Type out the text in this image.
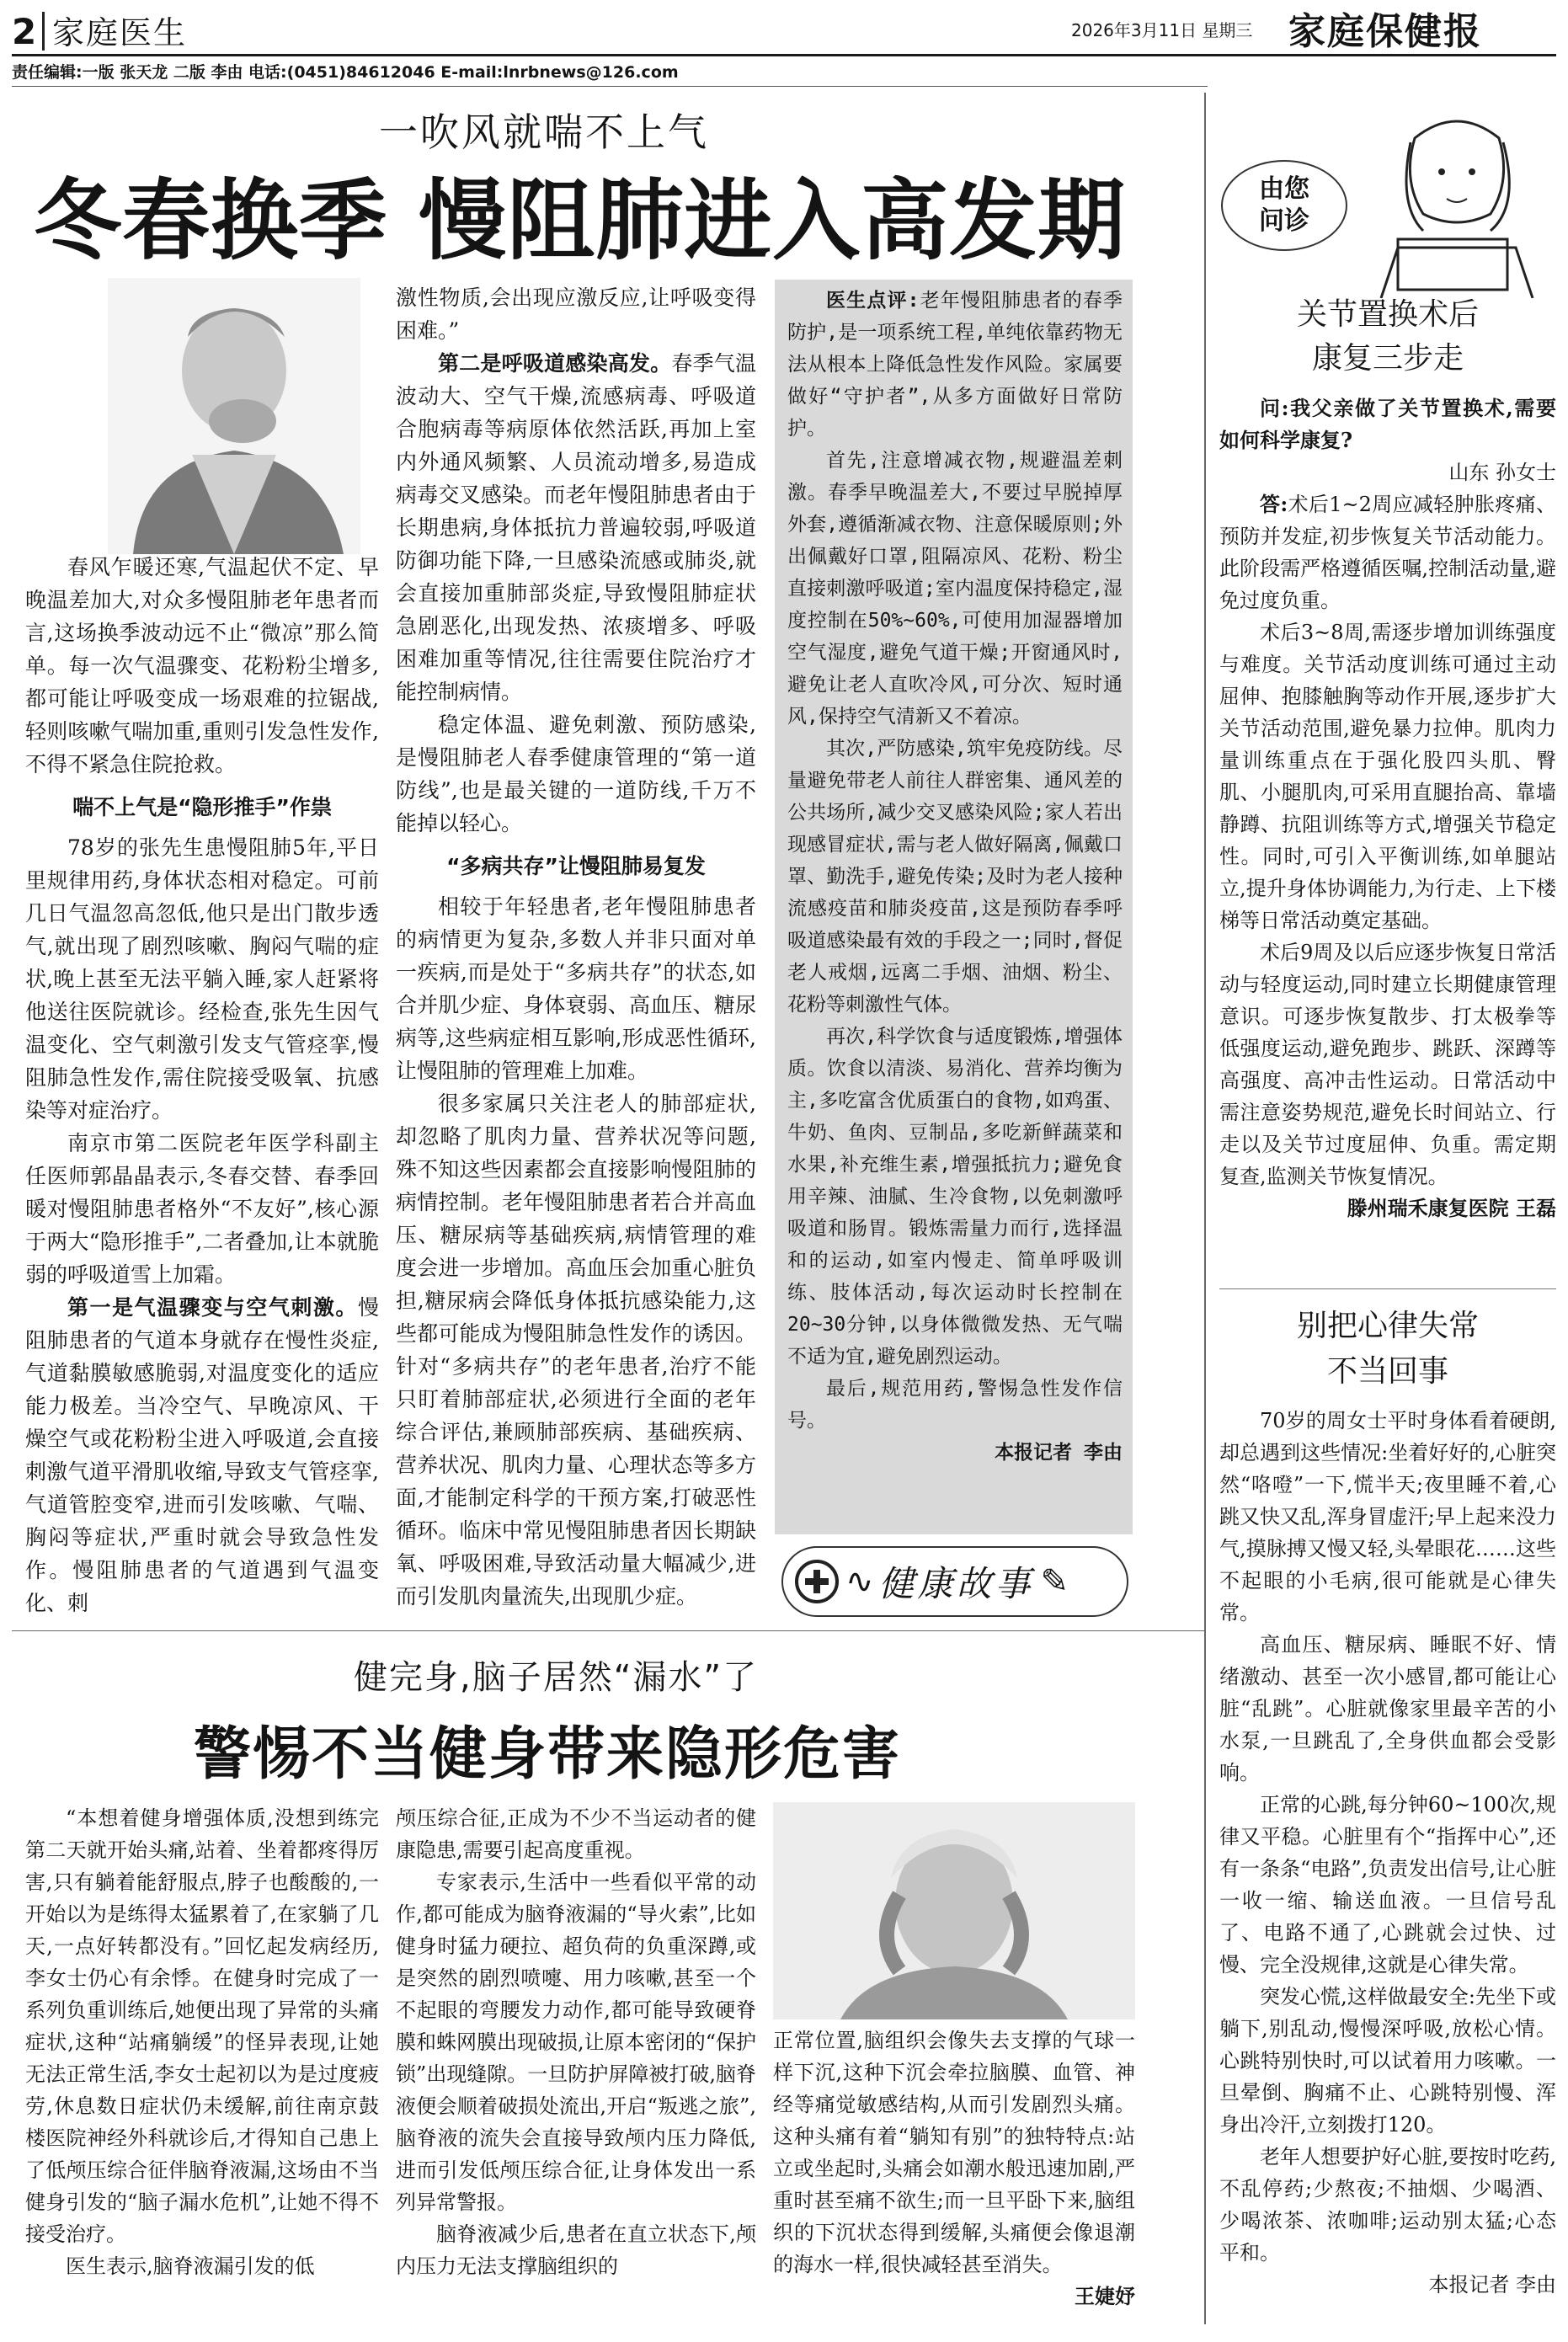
2 家庭医生	2026年3月11日 星期三 家庭保健报
责任编辑:一版 张天龙 二版 李由 电话:(0451)84612046 E-mail:lnrbnews@126.com
一吹风就喘不上气
冬春换季 慢阻肺进入高发期

春风乍暖还寒,气温起伏不定、早晚温差加大,对众多慢阻肺老年患者而言,这场换季波动远不止“微凉”那么简单。每一次气温骤变、花粉粉尘增多,都可能让呼吸变成一场艰难的拉锯战,轻则咳嗽气喘加重,重则引发急性发作,不得不紧急住院抢救。

喘不上气是“隐形推手”作祟

78岁的张先生患慢阻肺5年,平日里规律用药,身体状态相对稳定。可前几日气温忽高忽低,他只是出门散步透气,就出现了剧烈咳嗽、胸闷气喘的症状,晚上甚至无法平躺入睡,家人赶紧将他送往医院就诊。经检查,张先生因气温变化、空气刺激引发支气管痉挛,慢阻肺急性发作,需住院接受吸氧、抗感染等对症治疗。

南京市第二医院老年医学科副主任医师郭晶晶表示,冬春交替、春季回暖对慢阻肺患者格外“不友好”,核心源于两大“隐形推手”,二者叠加,让本就脆弱的呼吸道雪上加霜。

第一是气温骤变与空气刺激。慢阻肺患者的气道本身就存在慢性炎症,气道黏膜敏感脆弱,对温度变化的适应能力极差。当冷空气、早晚凉风、干燥空气或花粉粉尘进入呼吸道,会直接刺激气道平滑肌收缩,导致支气管痉挛,气道管腔变窄,进而引发咳嗽、气喘、胸闷等症状,严重时就会导致急性发作。慢阻肺患者的气道遇到气温变化、刺

激性物质,会出现应激反应,让呼吸变得困难。”

第二是呼吸道感染高发。春季气温波动大、空气干燥,流感病毒、呼吸道合胞病毒等病原体依然活跃,再加上室内外通风频繁、人员流动增多,易造成病毒交叉感染。而老年慢阻肺患者由于长期患病,身体抵抗力普遍较弱,呼吸道防御功能下降,一旦感染流感或肺炎,就会直接加重肺部炎症,导致慢阻肺症状急剧恶化,出现发热、浓痰增多、呼吸困难加重等情况,往往需要住院治疗才能控制病情。

稳定体温、避免刺激、预防感染,是慢阻肺老人春季健康管理的“第一道防线”,也是最关键的一道防线,千万不能掉以轻心。

“多病共存”让慢阻肺易复发

相较于年轻患者,老年慢阻肺患者的病情更为复杂,多数人并非只面对单一疾病,而是处于“多病共存”的状态,如合并肌少症、身体衰弱、高血压、糖尿病等,这些病症相互影响,形成恶性循环,让慢阻肺的管理难上加难。

很多家属只关注老人的肺部症状,却忽略了肌肉力量、营养状况等问题,殊不知这些因素都会直接影响慢阻肺的病情控制。老年慢阻肺患者若合并高血压、糖尿病等基础疾病,病情管理的难度会进一步增加。高血压会加重心脏负担,糖尿病会降低身体抵抗感染能力,这些都可能成为慢阻肺急性发作的诱因。针对“多病共存”的老年患者,治疗不能只盯着肺部症状,必须进行全面的老年综合评估,兼顾肺部疾病、基础疾病、营养状况、肌肉力量、心理状态等多方面,才能制定科学的干预方案,打破恶性循环。临床中常见慢阻肺患者因长期缺氧、呼吸困难,导致活动量大幅减少,进而引发肌肉量流失,出现肌少症。

医生点评:老年慢阻肺患者的春季防护,是一项系统工程,单纯依靠药物无法从根本上降低急性发作风险。家属要做好“守护者”,从多方面做好日常防护。

首先,注意增减衣物,规避温差刺激。春季早晚温差大,不要过早脱掉厚外套,遵循渐减衣物、注意保暖原则;外出佩戴好口罩,阻隔凉风、花粉、粉尘直接刺激呼吸道;室内温度保持稳定,湿度控制在50%~60%,可使用加湿器增加空气湿度,避免气道干燥;开窗通风时,避免让老人直吹冷风,可分次、短时通风,保持空气清新又不着凉。

其次,严防感染,筑牢免疫防线。尽量避免带老人前往人群密集、通风差的公共场所,减少交叉感染风险;家人若出现感冒症状,需与老人做好隔离,佩戴口罩、勤洗手,避免传染;及时为老人接种流感疫苗和肺炎疫苗,这是预防春季呼吸道感染最有效的手段之一;同时,督促老人戒烟,远离二手烟、油烟、粉尘、花粉等刺激性气体。

再次,科学饮食与适度锻炼,增强体质。饮食以清淡、易消化、营养均衡为主,多吃富含优质蛋白的食物,如鸡蛋、牛奶、鱼肉、豆制品,多吃新鲜蔬菜和水果,补充维生素,增强抵抗力;避免食用辛辣、油腻、生冷食物,以免刺激呼吸道和肠胃。锻炼需量力而行,选择温和的运动,如室内慢走、简单呼吸训练、肢体活动,每次运动时长控制在20~30分钟,以身体微微发热、无气喘不适为宜,避免剧烈运动。

最后,规范用药,警惕急性发作信号。

本报记者 李由
∿ 健康故事 ✎
由您
问诊
关节置换术后
康复三步走

问:我父亲做了关节置换术,需要如何科学康复?

山东 孙女士

答:术后1~2周应减轻肿胀疼痛、预防并发症,初步恢复关节活动能力。此阶段需严格遵循医嘱,控制活动量,避免过度负重。

术后3~8周,需逐步增加训练强度与难度。关节活动度训练可通过主动屈伸、抱膝触胸等动作开展,逐步扩大关节活动范围,避免暴力拉伸。肌肉力量训练重点在于强化股四头肌、臀肌、小腿肌肉,可采用直腿抬高、靠墙静蹲、抗阻训练等方式,增强关节稳定性。同时,可引入平衡训练,如单腿站立,提升身体协调能力,为行走、上下楼梯等日常活动奠定基础。

术后9周及以后应逐步恢复日常活动与轻度运动,同时建立长期健康管理意识。可逐步恢复散步、打太极拳等低强度运动,避免跑步、跳跃、深蹲等高强度、高冲击性运动。日常活动中需注意姿势规范,避免长时间站立、行走以及关节过度屈伸、负重。需定期复查,监测关节恢复情况。

滕州瑞禾康复医院 王磊
别把心律失常
不当回事

70岁的周女士平时身体看着硬朗,却总遇到这些情况:坐着好好的,心脏突然“咯噔”一下,慌半天;夜里睡不着,心跳又快又乱,浑身冒虚汗;早上起来没力气,摸脉搏又慢又轻,头晕眼花……这些不起眼的小毛病,很可能就是心律失常。

高血压、糖尿病、睡眠不好、情绪激动、甚至一次小感冒,都可能让心脏“乱跳”。心脏就像家里最辛苦的小水泵,一旦跳乱了,全身供血都会受影响。

正常的心跳,每分钟60~100次,规律又平稳。心脏里有个“指挥中心”,还有一条条“电路”,负责发出信号,让心脏一收一缩、输送血液。一旦信号乱了、电路不通了,心跳就会过快、过慢、完全没规律,这就是心律失常。

突发心慌,这样做最安全:先坐下或躺下,别乱动,慢慢深呼吸,放松心情。心跳特别快时,可以试着用力咳嗽。一旦晕倒、胸痛不止、心跳特别慢、浑身出冷汗,立刻拨打120。

老年人想要护好心脏,要按时吃药,不乱停药;少熬夜;不抽烟、少喝酒、少喝浓茶、浓咖啡;运动别太猛;心态平和。

本报记者 李由
健完身,脑子居然“漏水”了
警惕不当健身带来隐形危害

“本想着健身增强体质,没想到练完第二天就开始头痛,站着、坐着都疼得厉害,只有躺着能舒服点,脖子也酸酸的,一开始以为是练得太猛累着了,在家躺了几天,一点好转都没有。”回忆起发病经历,李女士仍心有余悸。在健身时完成了一系列负重训练后,她便出现了异常的头痛症状,这种“站痛躺缓”的怪异表现,让她无法正常生活,李女士起初以为是过度疲劳,休息数日症状仍未缓解,前往南京鼓楼医院神经外科就诊后,才得知自己患上了低颅压综合征伴脑脊液漏,这场由不当健身引发的“脑子漏水危机”,让她不得不接受治疗。

医生表示,脑脊液漏引发的低

颅压综合征,正成为不少不当运动者的健康隐患,需要引起高度重视。

专家表示,生活中一些看似平常的动作,都可能成为脑脊液漏的“导火索”,比如健身时猛力硬拉、超负荷的负重深蹲,或是突然的剧烈喷嚏、用力咳嗽,甚至一个不起眼的弯腰发力动作,都可能导致硬脊膜和蛛网膜出现破损,让原本密闭的“保护锁”出现缝隙。一旦防护屏障被打破,脑脊液便会顺着破损处流出,开启“叛逃之旅”,脑脊液的流失会直接导致颅内压力降低,进而引发低颅压综合征,让身体发出一系列异常警报。

脑脊液减少后,患者在直立状态下,颅内压力无法支撑脑组织的

正常位置,脑组织会像失去支撑的气球一样下沉,这种下沉会牵拉脑膜、血管、神经等痛觉敏感结构,从而引发剧烈头痛。这种头痛有着“躺知有别”的独特特点:站立或坐起时,头痛会如潮水般迅速加剧,严重时甚至痛不欲生;而一旦平卧下来,脑组织的下沉状态得到缓解,头痛便会像退潮的海水一样,很快减轻甚至消失。

王婕妤
